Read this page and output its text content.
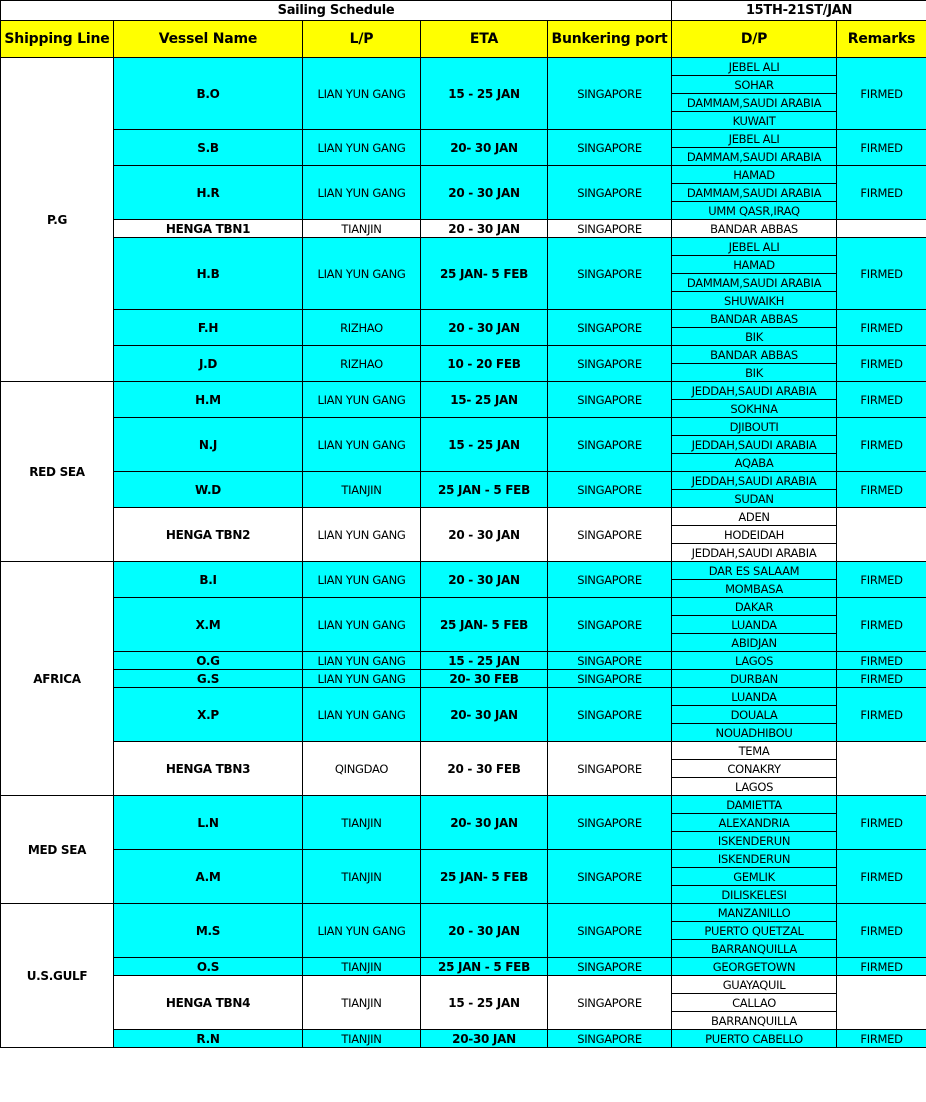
Sailing Schedule					15TH-21ST/JAN	
Shipping Line	Vessel Name	L/P	ETA	Bunkering port	D/P	Remarks
P.G	B.O	LIAN YUN GANG	15 - 25 JAN	SINGAPORE	JEBEL ALI	FIRMED
					SOHAR	
					DAMMAM,SAUDI ARABIA	
					KUWAIT	
	S.B	LIAN YUN GANG	20- 30 JAN	SINGAPORE	JEBEL ALI	FIRMED
					DAMMAM,SAUDI ARABIA	
	H.R	LIAN YUN GANG	20 - 30 JAN	SINGAPORE	HAMAD	FIRMED
					DAMMAM,SAUDI ARABIA	
					UMM QASR,IRAQ	
	HENGA TBN1	TIANJIN	20 - 30 JAN	SINGAPORE	BANDAR ABBAS	
	H.B	LIAN YUN GANG	25 JAN- 5 FEB	SINGAPORE	JEBEL ALI	FIRMED
					HAMAD	
					DAMMAM,SAUDI ARABIA	
					SHUWAIKH	
	F.H	RIZHAO	20 - 30 JAN	SINGAPORE	BANDAR ABBAS	FIRMED
					BIK	
	J.D	RIZHAO	10 - 20 FEB	SINGAPORE	BANDAR ABBAS	FIRMED
					BIK	
RED SEA	H.M	LIAN YUN GANG	15- 25 JAN	SINGAPORE	JEDDAH,SAUDI ARABIA	FIRMED
					SOKHNA	
	N.J	LIAN YUN GANG	15 - 25 JAN	SINGAPORE	DJIBOUTI	FIRMED
					JEDDAH,SAUDI ARABIA	
					AQABA	
	W.D	TIANJIN	25 JAN - 5 FEB	SINGAPORE	JEDDAH,SAUDI ARABIA	FIRMED
					SUDAN	
	HENGA TBN2	LIAN YUN GANG	20 - 30 JAN	SINGAPORE	ADEN	
					HODEIDAH	
					JEDDAH,SAUDI ARABIA	
AFRICA	B.I	LIAN YUN GANG	20 - 30 JAN	SINGAPORE	DAR ES SALAAM	FIRMED
					MOMBASA	
	X.M	LIAN YUN GANG	25 JAN- 5 FEB	SINGAPORE	DAKAR	FIRMED
					LUANDA	
					ABIDJAN	
	O.G	LIAN YUN GANG	15 - 25 JAN	SINGAPORE	LAGOS	FIRMED
	G.S	LIAN YUN GANG	20- 30 FEB	SINGAPORE	DURBAN	FIRMED
	X.P	LIAN YUN GANG	20- 30 JAN	SINGAPORE	LUANDA	FIRMED
					DOUALA	
					NOUADHIBOU	
	HENGA TBN3	QINGDAO	20 - 30 FEB	SINGAPORE	TEMA	
					CONAKRY	
					LAGOS	
MED SEA	L.N	TIANJIN	20- 30 JAN	SINGAPORE	DAMIETTA	FIRMED
					ALEXANDRIA	
					ISKENDERUN	
	A.M	TIANJIN	25 JAN- 5 FEB	SINGAPORE	ISKENDERUN	FIRMED
					GEMLIK	
					DILISKELESI	
U.S.GULF	M.S	LIAN YUN GANG	20 - 30 JAN	SINGAPORE	MANZANILLO	FIRMED
					PUERTO QUETZAL	
					BARRANQUILLA	
	O.S	TIANJIN	25 JAN - 5 FEB	SINGAPORE	GEORGETOWN	FIRMED
	HENGA TBN4	TIANJIN	15 - 25 JAN	SINGAPORE	GUAYAQUIL	
					CALLAO	
					BARRANQUILLA	
	R.N	TIANJIN	20-30 JAN	SINGAPORE	PUERTO CABELLO	FIRMED
